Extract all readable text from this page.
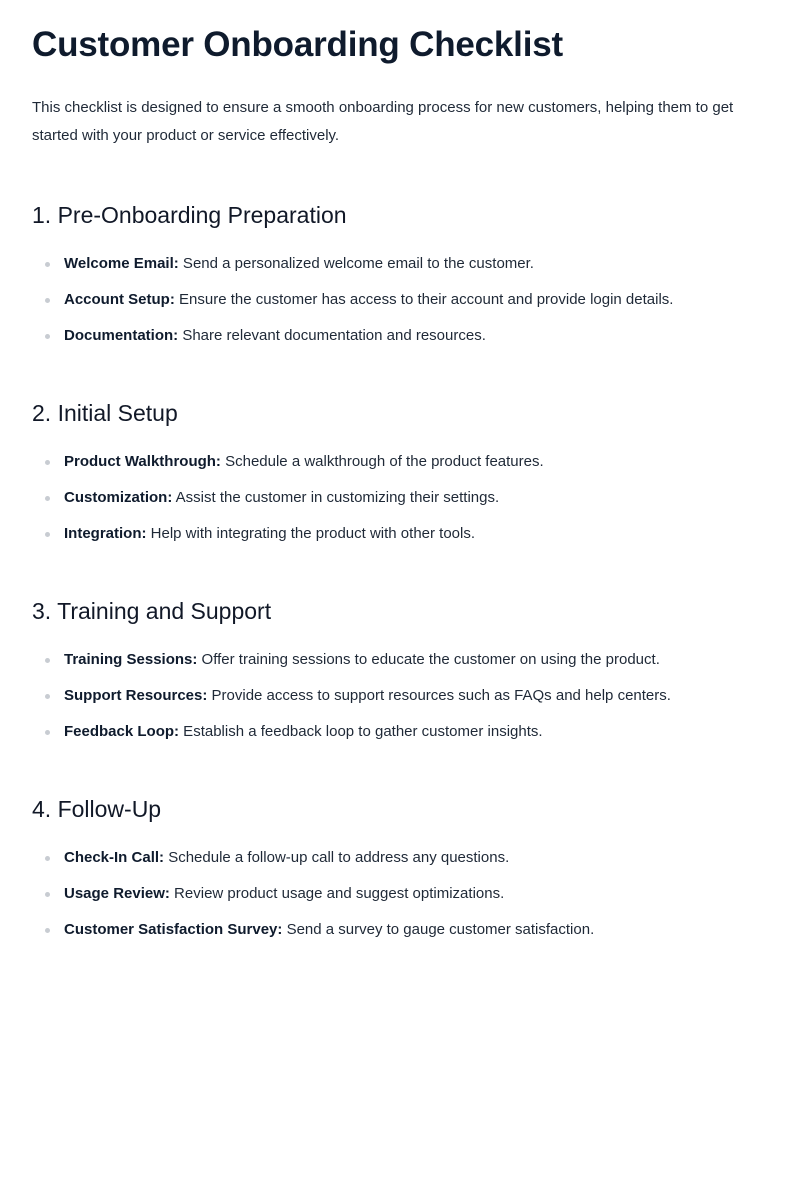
Customer Onboarding Checklist

This checklist is designed to ensure a smooth onboarding process for new customers, helping them to get started with your product or service effectively.

1. Pre-Onboarding Preparation
Welcome Email: Send a personalized welcome email to the customer.
Account Setup: Ensure the customer has access to their account and provide login details.
Documentation: Share relevant documentation and resources.
2. Initial Setup
Product Walkthrough: Schedule a walkthrough of the product features.
Customization: Assist the customer in customizing their settings.
Integration: Help with integrating the product with other tools.
3. Training and Support
Training Sessions: Offer training sessions to educate the customer on using the product.
Support Resources: Provide access to support resources such as FAQs and help centers.
Feedback Loop: Establish a feedback loop to gather customer insights.
4. Follow-Up
Check-In Call: Schedule a follow-up call to address any questions.
Usage Review: Review product usage and suggest optimizations.
Customer Satisfaction Survey: Send a survey to gauge customer satisfaction.
